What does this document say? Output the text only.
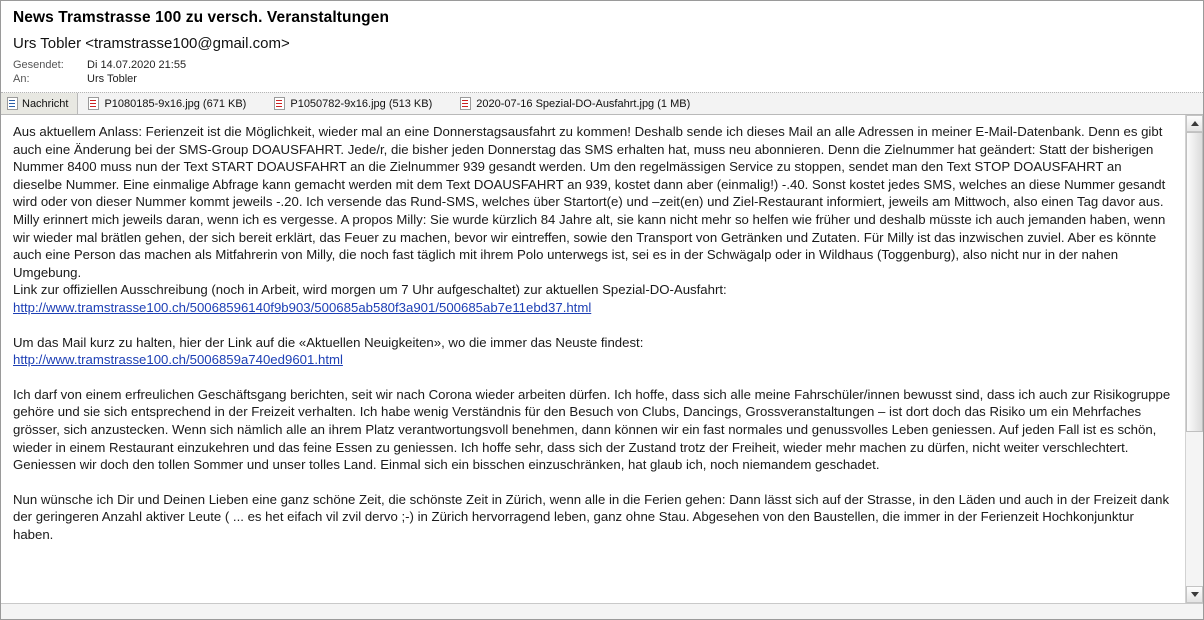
News Tramstrasse 100 zu versch. Veranstaltungen
Urs Tobler <tramstrasse100@gmail.com>
Gesendet:	Di 14.07.2020 21:55
An:	Urs Tobler
Nachricht	P1080185-9x16.jpg (671 KB)	P1050782-9x16.jpg (513 KB)	2020-07-16 Spezial-DO-Ausfahrt.jpg (1 MB)

Aus aktuellem Anlass: Ferienzeit ist die Möglichkeit, wieder mal an eine Donnerstagsausfahrt zu kommen! Deshalb sende ich dieses Mail an alle Adressen in meiner E-Mail-Datenbank. Denn es gibt auch eine Änderung bei der SMS-Group DOAUSFAHRT. Jede/r, die bisher jeden Donnerstag das SMS erhalten hat, muss neu abonnieren. Denn die Zielnummer hat geändert: Statt der bisherigen Nummer 8400 muss nun der Text START DOAUSFAHRT an die Zielnummer 939 gesandt werden. Um den regelmässigen Service zu stoppen, sendet man den Text STOP DOAUSFAHRT an dieselbe Nummer. Eine einmalige Abfrage kann gemacht werden mit dem Text DOAUSFAHRT an 939, kostet dann aber (einmalig!) -.40. Sonst kostet jedes SMS, welches an diese Nummer gesandt wird oder von dieser Nummer kommt jeweils -.20. Ich versende das Rund-SMS, welches über Startort(e) und –zeit(en) und Ziel-Restaurant informiert, jeweils am Mittwoch, also einen Tag davor aus. Milly erinnert mich jeweils daran, wenn ich es vergesse. A propos Milly: Sie wurde kürzlich 84 Jahre alt, sie kann nicht mehr so helfen wie früher und deshalb müsste ich auch jemanden haben, wenn wir wieder mal brätlen gehen, der sich bereit erklärt, das Feuer zu machen, bevor wir eintreffen, sowie den Transport von Getränken und Zutaten. Für Milly ist das inzwischen zuviel. Aber es könnte auch eine Person das machen als Mitfahrerin von Milly, die noch fast täglich mit ihrem Polo unterwegs ist, sei es in der Schwägalp oder in Wildhaus (Toggenburg), also nicht nur in der nahen Umgebung.

Link zur offiziellen Ausschreibung (noch in Arbeit, wird morgen um 7 Uhr aufgeschaltet) zur aktuellen Spezial-DO-Ausfahrt:

http://www.tramstrasse100.ch/50068596140f9b903/500685ab580f3a901/500685ab7e11ebd37.html

Um das Mail kurz zu halten, hier der Link auf die «Aktuellen Neuigkeiten», wo die immer das Neuste findest:

http://www.tramstrasse100.ch/5006859a740ed9601.html

Ich darf von einem erfreulichen Geschäftsgang berichten, seit wir nach Corona wieder arbeiten dürfen. Ich hoffe, dass sich alle meine Fahrschüler/innen bewusst sind, dass ich auch zur Risikogruppe gehöre und sie sich entsprechend in der Freizeit verhalten. Ich habe wenig Verständnis für den Besuch von Clubs, Dancings, Grossveranstaltungen – ist dort doch das Risiko um ein Mehrfaches grösser, sich anzustecken. Wenn sich nämlich alle an ihrem Platz verantwortungsvoll benehmen, dann können wir ein fast normales und genussvolles Leben geniessen. Auf jeden Fall ist es schön, wieder in einem Restaurant einzukehren und das feine Essen zu geniessen. Ich hoffe sehr, dass sich der Zustand trotz der Freiheit, wieder mehr machen zu dürfen, nicht weiter verschlechtert. Geniessen wir doch den tollen Sommer und unser tolles Land. Einmal sich ein bisschen einzuschränken, hat glaub ich, noch niemandem geschadet.

Nun wünsche ich Dir und Deinen Lieben eine ganz schöne Zeit, die schönste Zeit in Zürich, wenn alle in die Ferien gehen: Dann lässt sich auf der Strasse, in den Läden und auch in der Freizeit dank der geringeren Anzahl aktiver Leute ( ... es het eifach vil zvil dervo ;-) in Zürich hervorragend leben, ganz ohne Stau. Abgesehen von den Baustellen, die immer in der Ferienzeit Hochkonjunktur haben.
